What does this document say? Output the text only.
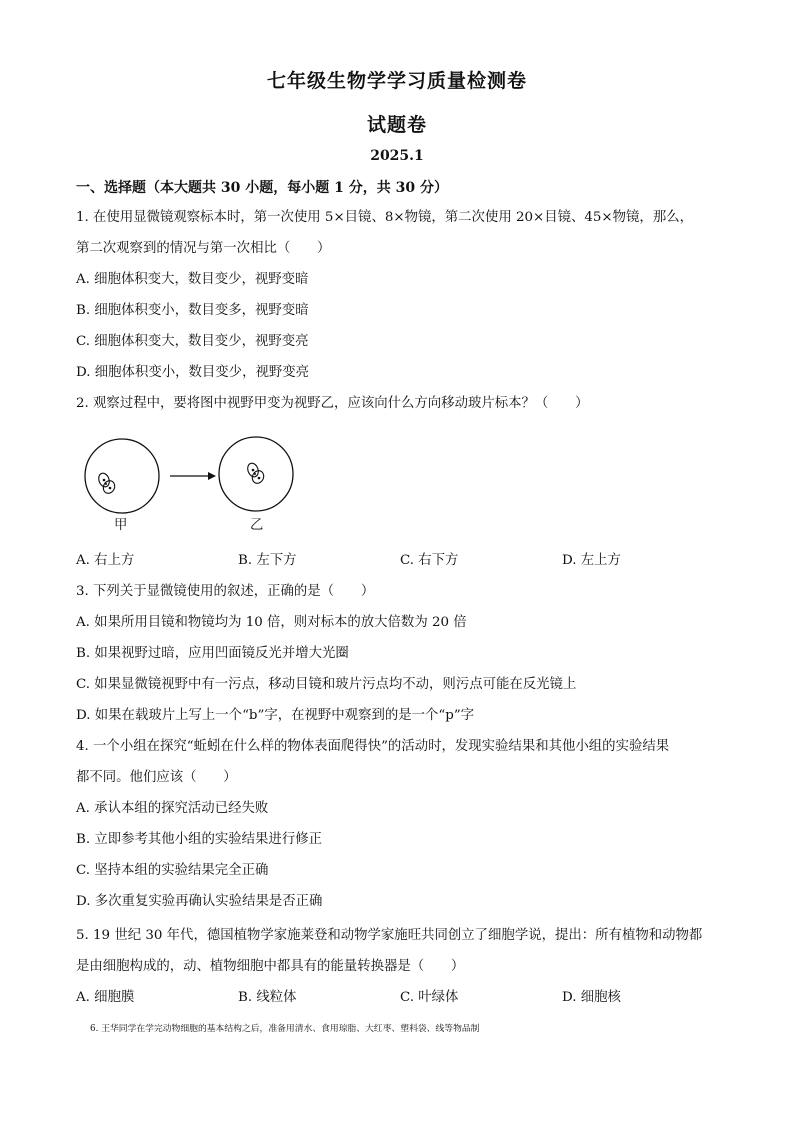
七年级生物学学习质量检测卷
试题卷
2025.1
一、选择题（本大题共 30 小题，每小题 1 分，共 30 分）
1. 在使用显微镜观察标本时，第一次使用 5×目镜、8×物镜，第二次使用 20×目镜、45×物镜，那么，
第二次观察到的情况与第一次相比（　　）
A. 细胞体积变大，数目变少，视野变暗
B. 细胞体积变小，数目变多，视野变暗
C. 细胞体积变大，数目变少，视野变亮
D. 细胞体积变小，数目变少，视野变亮
2. 观察过程中，要将图中视野甲变为视野乙，应该向什么方向移动玻片标本？（　　）
甲	乙
A. 右上方	B. 左下方	C. 右下方	D. 左上方
3. 下列关于显微镜使用的叙述，正确的是（　　）
A. 如果所用目镜和物镜均为 10 倍，则对标本的放大倍数为 20 倍
B. 如果视野过暗，应用凹面镜反光并增大光圈
C. 如果显微镜视野中有一污点，移动目镜和玻片污点均不动，则污点可能在反光镜上
D. 如果在载玻片上写上一个“b”字，在视野中观察到的是一个“p”字
4. 一个小组在探究“蚯蚓在什么样的物体表面爬得快”的活动时，发现实验结果和其他小组的实验结果
都不同。他们应该（　　）
A. 承认本组的探究活动已经失败
B. 立即参考其他小组的实验结果进行修正
C. 坚持本组的实验结果完全正确
D. 多次重复实验再确认实验结果是否正确
5. 19 世纪 30 年代，德国植物学家施莱登和动物学家施旺共同创立了细胞学说，提出：所有植物和动物都
是由细胞构成的，动、植物细胞中都具有的能量转换器是（　　）
A. 细胞膜	B. 线粒体	C. 叶绿体	D. 细胞核
6. 王华同学在学完动物细胞的基本结构之后，准备用清水、食用琼脂、大红枣、塑料袋、线等物品制
